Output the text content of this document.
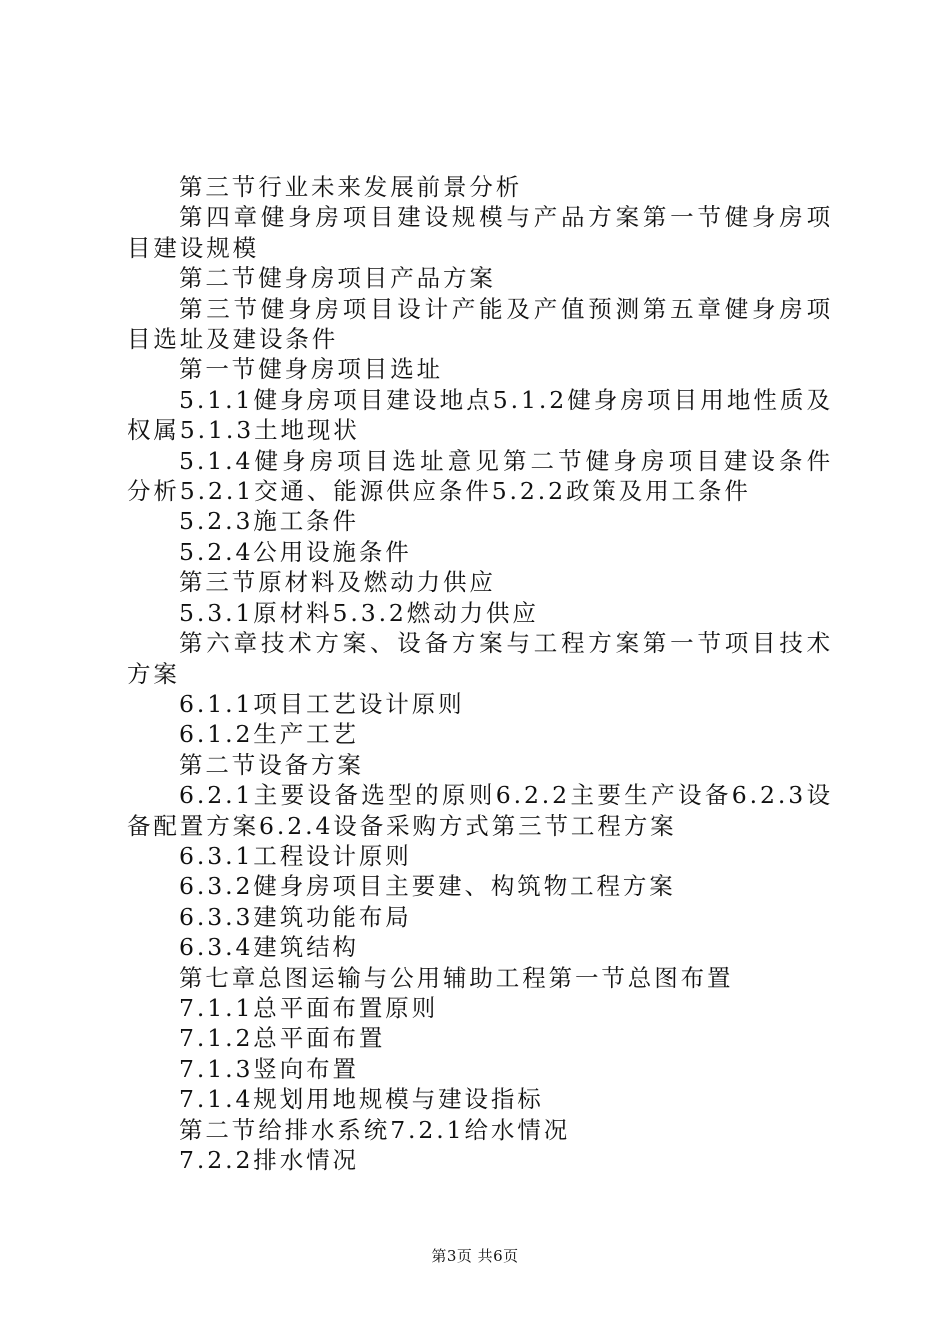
第三节行业未来发展前景分析

第四章健身房项目建设规模与产品方案第一节健身房项目建设规模

第二节健身房项目产品方案

第三节健身房项目设计产能及产值预测第五章健身房项目选址及建设条件

第一节健身房项目选址

5.1.1健身房项目建设地点5.1.2健身房项目用地性质及权属5.1.3土地现状

5.1.4健身房项目选址意见第二节健身房项目建设条件分析5.2.1交通、能源供应条件5.2.2政策及用工条件

5.2.3施工条件

5.2.4公用设施条件

第三节原材料及燃动力供应

5.3.1原材料5.3.2燃动力供应

第六章技术方案、设备方案与工程方案第一节项目技术方案

6.1.1项目工艺设计原则

6.1.2生产工艺

第二节设备方案

6.2.1主要设备选型的原则6.2.2主要生产设备6.2.3设备配置方案6.2.4设备采购方式第三节工程方案

6.3.1工程设计原则

6.3.2健身房项目主要建、构筑物工程方案

6.3.3建筑功能布局

6.3.4建筑结构

第七章总图运输与公用辅助工程第一节总图布置

7.1.1总平面布置原则

7.1.2总平面布置

7.1.3竖向布置

7.1.4规划用地规模与建设指标

第二节给排水系统7.2.1给水情况

7.2.2排水情况

第3页 共6页
